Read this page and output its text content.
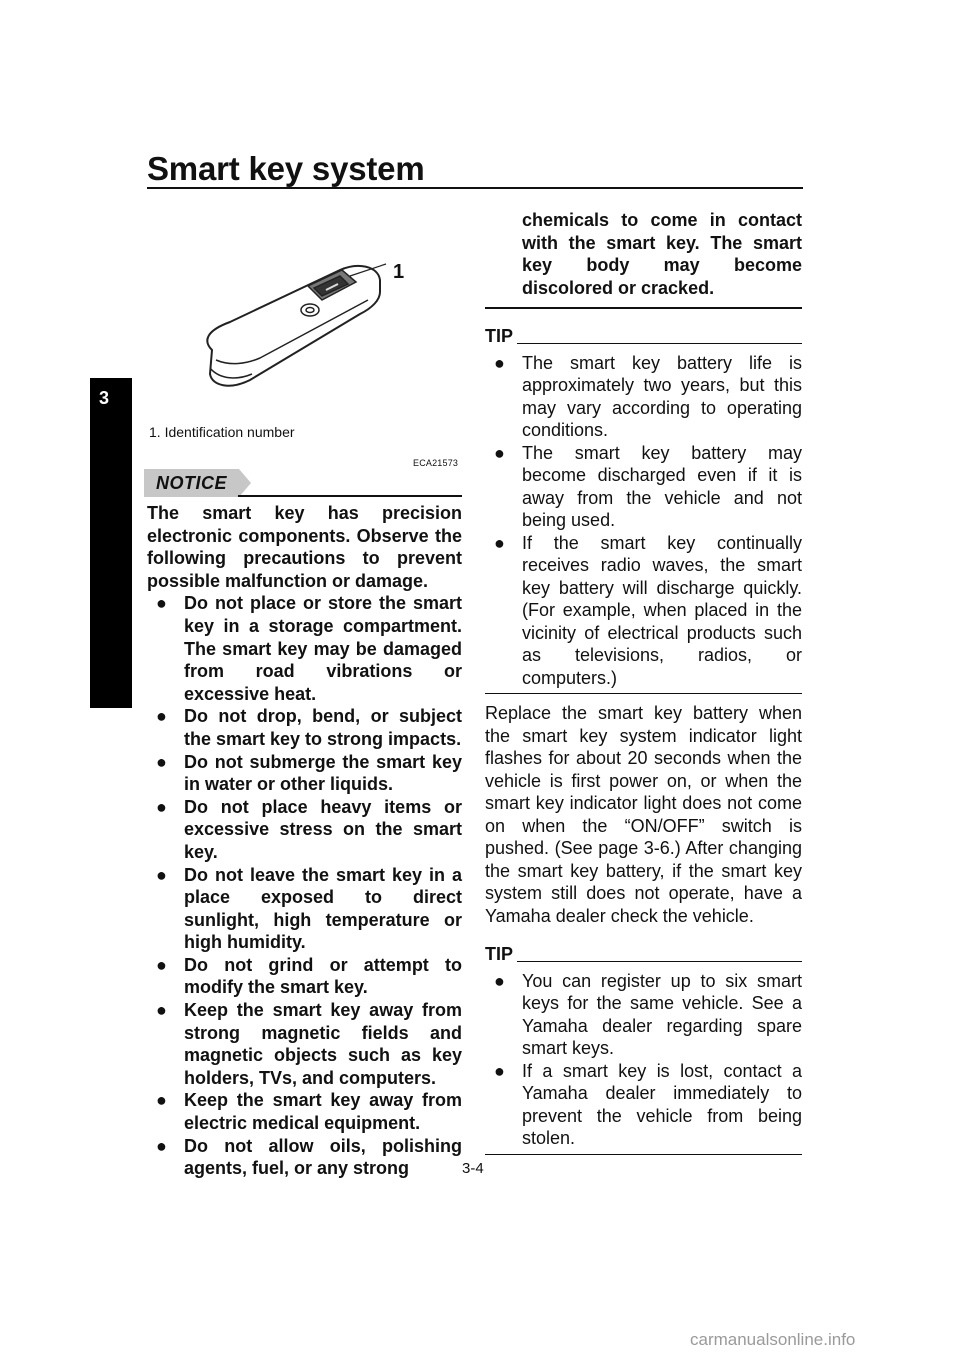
Smart key system
3
1
1. Identification number
ECA21573
NOTICE

The smart key has precision electronic components. Observe the following precautions to prevent possible malfunction or damage.

● Do not place or store the smart key in a storage compartment. The smart key may be damaged from road vibrations or excessive heat.
● Do not drop, bend, or subject the smart key to strong impacts.
● Do not submerge the smart key in water or other liquids.
● Do not place heavy items or excessive stress on the smart key.
● Do not leave the smart key in a place exposed to direct sunlight, high temperature or high humidity.
● Do not grind or attempt to modify the smart key.
● Keep the smart key away from strong magnetic fields and magnetic objects such as key holders, TVs, and computers.
● Keep the smart key away from electric medical equipment.
● Do not allow oils, polishing agents, fuel, or any strong
chemicals to come in contact with the smart key. The smart key body may become discolored or cracked.
TIP
● The smart key battery life is approximately two years, but this may vary according to operating conditions.
● The smart key battery may become discharged even if it is away from the vehicle and not being used.
● If the smart key continually receives radio waves, the smart key battery will discharge quickly. (For example, when placed in the vicinity of electrical products such as televisions, radios, or computers.)

Replace the smart key battery when the smart key system indicator light flashes for about 20 seconds when the vehicle is first power on, or when the smart key indicator light does not come on when the “ON/OFF” switch is pushed. (See page 3-6.) After changing the smart key battery, if the smart key system still does not operate, have a Yamaha dealer check the vehicle.

TIP
● You can register up to six smart keys for the same vehicle. See a Yamaha dealer regarding spare smart keys.
● If a smart key is lost, contact a Yamaha dealer immediately to prevent the vehicle from being stolen.
3-4
carmanualsonline.info
